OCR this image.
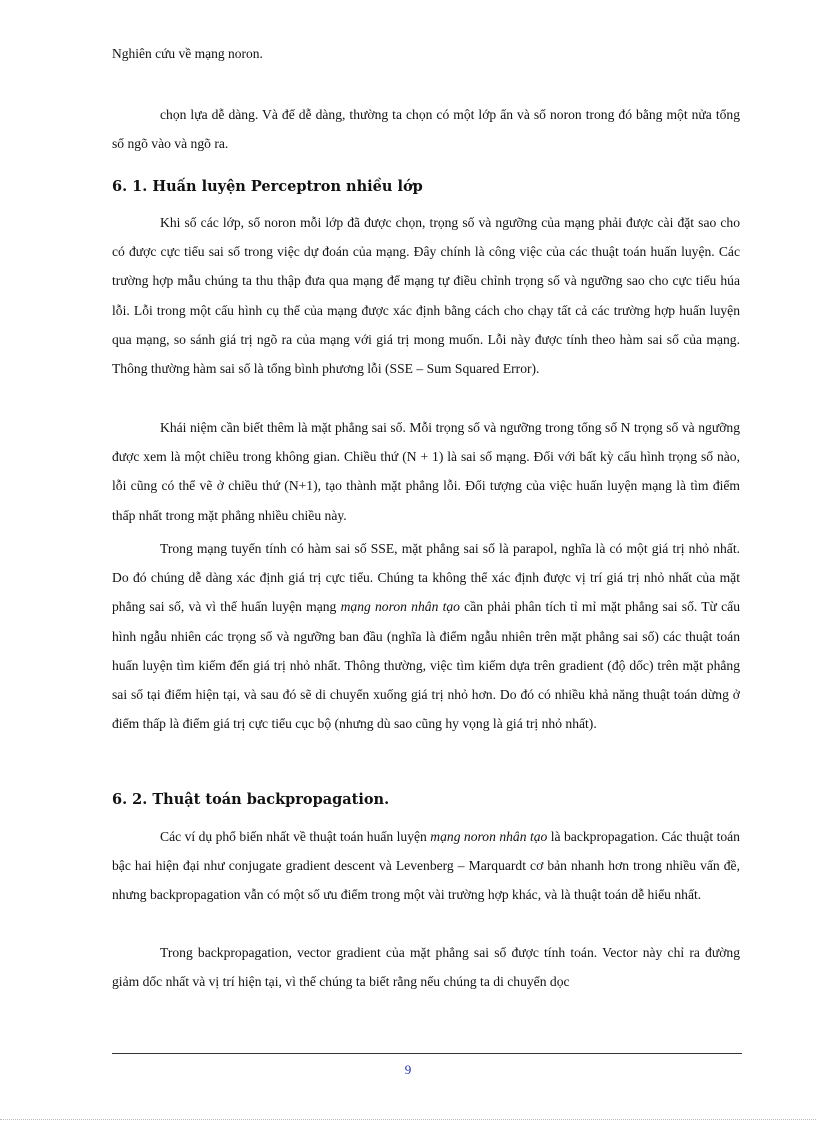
Nghiên cứu về mạng noron.

chọn lựa dễ dàng. Và để dễ dàng, thường ta chọn có một lớp ẩn và số noron trong đó bằng một nửa tổng số ngõ vào và ngõ ra.

6. 1. Huấn luyện Perceptron nhiều lớp

Khi số các lớp, số noron mỗi lớp đã được chọn, trọng số và ngưỡng của mạng phải được cài đặt sao cho có được cực tiểu sai số trong việc dự đoán của mạng. Đây chính là công việc của các thuật toán huấn luyện. Các trường hợp mẫu chúng ta thu thập đưa qua mạng để mạng tự điều chỉnh trọng số và ngưỡng sao cho cực tiểu húa lỗi. Lỗi trong một cấu hình cụ thể của mạng được xác định bằng cách cho chạy tất cả các trường hợp huấn luyện qua mạng, so sánh giá trị ngõ ra của mạng với giá trị mong muốn. Lỗi này được tính theo hàm sai số của mạng. Thông thường hàm sai số là tổng bình phương lỗi (SSE – Sum Squared Error).

Khái niệm cần biết thêm là mặt phẳng sai số. Mỗi trọng số và ngưỡng trong tổng số N trọng số và ngưỡng được xem là một chiều trong không gian. Chiều thứ (N + 1) là sai số mạng. Đối với bất kỳ cấu hình trọng số nào, lỗi cũng có thể vẽ ở chiều thứ (N+1), tạo thành mặt phẳng lỗi. Đối tượng của việc huấn luyện mạng là tìm điểm thấp nhất trong mặt phẳng nhiều chiều này.

Trong mạng tuyến tính có hàm sai số SSE, mặt phẳng sai số là parapol, nghĩa là có một giá trị nhỏ nhất. Do đó chúng dễ dàng xác định giá trị cực tiểu. Chúng ta không thể xác định được vị trí giá trị nhỏ nhất của mặt phẳng sai số, và vì thế huấn luyện mạng mạng noron nhân tạo cần phải phân tích tỉ mỉ mặt phẳng sai số. Từ cấu hình ngẫu nhiên các trọng số và ngưỡng ban đầu (nghĩa là điểm ngẫu nhiên trên mặt phẳng sai số) các thuật toán huấn luyện tìm kiếm đến giá trị nhỏ nhất. Thông thường, việc tìm kiếm dựa trên gradient (độ dốc) trên mặt phẳng sai số tại điểm hiện tại, và sau đó sẽ di chuyển xuống giá trị nhỏ hơn. Do đó có nhiều khả năng thuật toán dừng ở điểm thấp là điểm giá trị cực tiểu cục bộ (nhưng dù sao cũng hy vọng là giá trị nhỏ nhất).

6. 2. Thuật toán backpropagation.

Các ví dụ phổ biến nhất về thuật toán huấn luyện mạng noron nhân tạo là backpropagation. Các thuật toán bậc hai hiện đại như conjugate gradient descent và Levenberg – Marquardt cơ bản nhanh hơn trong nhiều vấn đề, nhưng backpropagation vẫn có một số ưu điểm trong một vài trường hợp khác, và là thuật toán dễ hiểu nhất.

Trong backpropagation, vector gradient của mặt phẳng sai số được tính toán. Vector này chỉ ra đường giảm dốc nhất và vị trí hiện tại, vì thế chúng ta biết rằng nếu chúng ta di chuyển dọc

9
